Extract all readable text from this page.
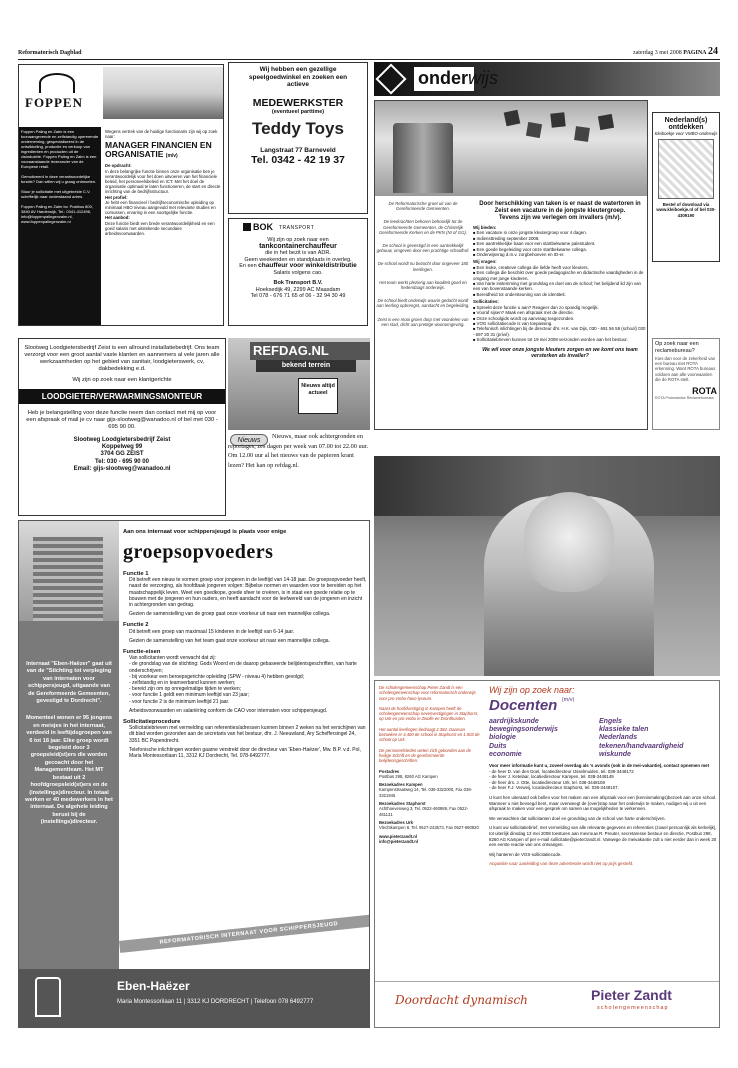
Reformatorisch Dagblad	zaterdag 3 mei 2008 PAGINA 24
FOPPEN

Foppen Paling en Zalm is een toonaangevende en zelfstandig opererende onderneming, gespecialiseerd in de ontwikkeling, productie en verkoop van ingredienten en producten uit de visindustrie. Foppen Paling en Zalm is een vooraanstaande leverancier van de Europese retail.

Gemotiveerd in deze verantwoordelijke functie? Dan willen wij u graag ontmoeten.

Stuur je sollicitatie met uitgebreide C.V. schriftelijk naar onderstaand adres.

Foppen Paling en Zalm bv. Postbus 800, 3840 AV Harderwijk, Tel.: 0341-412496, info@foppenpalingenzalm.nl, www.foppenpalingenzalm.nl

Wegens vertrek van de huidige functionaris zijn wij op zoek naar:

MANAGER FINANCIEN EN ORGANISATIE (m/v)

De opdracht:

In deze belangrijke functie binnen onze organisatie ben je verantwoordelijk voor het doen uitvoeren van het financiele beleid, het personeelsbeleid en ICT. Met het doel de organisatie optimaal te laten functioneren, de start en directe inrichting van de bedrijfsstructuur.

Het profiel:

Je hebt een financieel / bedrijfseconomische opleiding op minimaal HBO niveau aangevuld met relevante studies en cursussen, ervaring in een soortgelijke functie.

Het aanbod:

Deze functie biedt een brede verantwoordelijkheid en een goed salaris met uitstekende secundaire arbeidsvoorwaarden.

Wij hebben een gezellige speelgoedwinkel en zoeken een actieve
MEDEWERKSTER
(eventueel parttime)
Teddy Toys
Langstraat 77 Barneveld
Tel. 0342 - 42 19 37
BOK TRANSPORT
Wij zijn op zoek naar een
tankcontainerchauffeur
die in het bezit is van ADR.
Geen weekenden en standplaats in overleg.
En een chauffeur voor winkeldistributie
Salaris volgens cao.
Bok Transport B.V.
Hoeksedijk 49, 2299 AC Maasdam
Tel 078 - 676 71 65 of 06 - 32 94 30 49
onderwijs

De Reformatorische groet uit van de Gereformeerde Gemeenten.

De leerkrachten behoren behoorlijk tot de Gereformeerde Gemeenten, de Christelijk Gereformeerde Kerken en de PKN (NI of GG).

De school is gevestigd in een aantrekkelijk gebouw, omgeven door een prachtige schoolhof.

De school wordt nu bezocht door ongeveer 180 leerlingen.

Het team werkt plezierig aan kwaliteit goed en hedendaags onderwijs.

De school biedt onderwijs waarin gedacht wordt aan leerling opbrengst, aandacht en begeleiding.

Zeist is een mooi groen dorp met voordelen van een stad, dicht aan prettige woonomgeving.

Door herschikking van taken is er naast de watertoren in Zeist een vacature in de jongste kleutergroep.

Tevens zijn we verlegen om invallers (m/v).

Wij bieden:

■ Een vacature in onze jongste kleutergroep voor 4 dagen.
■ Indiensttreding september 2008.
■ Een aantrekkelijke baan voor een startbekwame palestudent.
■ Een goede begeleiding voor onze startbekwame collega.
■ Onderwijsvrag d.m.v. zorgbehoeven en ID-er.

Wij vragen:

■ Een leuke, creatieve collega die liefde heeft voor kleuters.
■ Een collega die beschikt over goede pedagogische en didactische vaardigheden in de omgang met jonge kinderen.
■ Van harte instemming met grondslag en doel van de school; het belijdend lid zijn van een van bovenstaande kerken.
■ Bereidheid tot ondersteuning van de identiteit.

Sollicitaties:

■ Spreekt deze functie u aan? Reageer dan zo spoedig mogelijk.
■ Vooraf sijsen? Maak een afspraak met de directie.
■ Onze schoolgids wordt op aanvraag toegezonden.
■ VOG sollicitatiecode is van toepassing.
■ Telefonisch inlichtingen bij de directeur dhr. H.K. van Dijs, 030 - 691 56 58 (school) 030 - 697 20 31 (privé).
■ Sollicitatiebrieven kunnen tot 19 mei 2008 verzonden worden aan het bestuur.

We wil voor onze jongste kleuters zorgen en we komt ons team versterken als invaller?

Nederland(s)
ontdekken
Kleiboekje voor VMBO-onderwijs
Bestel of download via www.kleiboekje.nl of bel 030-4309190
Op zoek naar een reclamebureau?
Kies dan voor de zekerheid van een bureau met ROTA erkenning. Want ROTA bureaus voldoen aan alle voorwaarden die de ROTA stelt.
ROTA
ROTA Protestantse Reclamebureaus
Slootweg Loodgietersbedrijf Zeist is een allround installatiebedrijf. Ons team verzorgt voor een groot aantal vaste klanten en aannemers al vele jaren alle werkzaamheden op het gebied van sanitair, loodgieterswerk, cv, dakbedekking e.d.
Wij zijn op zoek naar een klantgerichte
LOODGIETER/VERWARMINGSMONTEUR
Heb je belangstelling voor deze functie neem dan contact met mij op voor een afspraak of mail je cv naar gijs-slootweg@wanadoo.nl of bel met 030 - 695 90 00.
Slootweg Loodgietersbedrijf Zeist
Koppelweg 99
3704 GG ZEIST
Tel: 030 - 695 90 00
Email: gijs-slootweg@wanadoo.nl
REFDAG.NL
bekend terrein
Nieuws altijd actueel
Nieuws
Nieuws, maar ook achtergronden en reportages, zes dagen per week van 07.00 tot 22.00 uur. Om 12.00 uur al het nieuws van de papieren krant lezen? Het kan op refdag.nl.

De scholengemeenschap Pieter Zandt is een scholengemeenschap voor reformatorisch onderwijs voor pro-vmbo-havo-lyceum.

Naast de hoofdvestiging in Kampen heeft de scholengemeenschap nevenvestigingen in Staphorst, op Urk en pro-vmbo in Zwolle en Dronthusden.

Het aantal leerlingen bedraagt 2.384. Daarvan bezoeken er 4.400 de school in Staphorst en 1.503 de school op Urk.

De personeelsleden weten zich gebonden aan de heilige Schrift en de gereformeerde belijdenisgeschriften.

Postadres

Postbus 298, 8260 AG Kampen

Bezoekadres Kampen

Kampenstraatweg 14, Tel. 038-3322000, Fax 038-3321945

Bezoekadres Staphorst

Achthoevenweg 3, Tel. 0522-460989, Fax 0522-461131

Bezoekadres Urk

Vlechtkampen 8, Tel. 0527-243573, Fax 0527-690920

www.pieterzandt.nl

info@pieterzandt.nl

Wij zijn op zoek naar:
Docenten $^{(m/v)}$
aardrijkskunde
bewegingsonderwijs
biologie
Duits
economie
Engels
klassieke talen
Nederlands
tekenen/handvaardigheid
wiskunde

Voor meer informatie kunt u, zoveel overdag als 's avonds (ook in de mei-vakantie), contact opnemen met

- de heer D. van den Doel, locatiedirecteur IJsselmuiden, tel. 038-3448172

- de heer J. Ketelaar, locatiedirecteur Kampen, tel. 038-3448149

- de heer drs. J. Otte, locatiedirecteur Urk, tel. 038-3448108

- de heer F.J. Verweij, locatiedirecteur Staphorst, tel. 038-3448107.

U kunt hen uiteraard ook bellen voor het maken van een afspraak voor een (kennismakings)bezoek aan onze school. Wanneer u niet bevoegd bent, maar overweegt de (over)stap naar het onderwijs te maken, nodigen wij u uit een afspraak te maken voor een gesprek om samen uw mogelijkheden te verkennen.

We verwachten dat sollicitanten doel en grondslag van de school van harte onderschrijven.

U kunt uw sollicitatiebrief, met vermelding van alle relevante gegevens en referenties (zowel persoonlijk als kerkelijk), tot uiterlijk dinsdag 13 mei 2008 toesturen aan mevrouw R. Preuter, secretaresse bestuur en directie, Postbus 298, 8260 AG Kampen of per e-mail sollicitatie@pieterzandt.nl. Vanwege de meivakantie zult u niet eerder dan in week 20 een eerste reactie van ons ontvangen.

Wij hanteren de VOS-sollicitatiecode.

Acquisitie naar aanleiding van deze advertentie wordt niet op prijs gesteld.

Doordacht dynamisch	Pieter Zandt
scholengemeenschap

Internaat "Eben-Haëzer" gaat uit van de "Stichting tot verpleging van internaten voor schippersjeugd, uitgaande van de Gereformeerde Gemeenten, gevestigd te Dordrecht".

Momenteel wonen er 95 jongens en meisjes in het internaat, verdeeld in leeftijdsgroepen van 6 tot 18 jaar. Elke groep wordt begeleid door 3 groepsleid(st)ers die worden gecoacht door het Managementteam. Het MT bestaat uit 2 hoofdgroepsleid(st)ers en de (instellings)directeur. In totaal werken er 40 medewerkers in het internaat. De algehele leiding berust bij de (instellings)directeur.

Aan ons internaat voor schippersjeugd is plaats voor enige
groepsopvoeders

Functie 1

Dit betreft een nieuw te vormen groep voor jongeren in de leeftijd van 14-18 jaar. De groepsopvoeder heeft, naast de verzorging, als hoofdtaak jongeren volgen: Bijbelse normen en waarden voor te bereiden op het maatschappelijk leven. Weet een goedkope, goede sfeer te creëren, is in staat een goede relatie op te bouwen met de jongeren en hun ouders, en heeft aandacht voor de leefwereld van de jongeren en inzicht in achtergronden van gedrag.

Gezien de samenstelling van de groep gaat onze voorkeur uit naar een mannelijke collega.

Functie 2

Dit betreft een groep van maximaal 15 kinderen in de leeftijd van 6-14 jaar.

Gezien de samenstelling van het team gaat onze voorkeur uit naar een mannelijke collega.

Functie-eisen

Van sollicitanten wordt verwacht dat zij:

- de grondslag van de stichting: Gods Woord en de daarop gebaseerde belijdenisgeschriften, van harte onderschrijven;

- bij voorkeur een beroepsgerichte opleiding (SPW - niveau 4) hebben gevolgd;

- zelfstandig en in teamverband kunnen werken;

- bereid zijn om op onregelmatige tijden te werken;

- voor functie 1 geldt een minimum leeftijd van 23 jaar;

- voor functie 2 is de minimum leeftijd 21 jaar.

Arbeidsvoorwaarden en salariëring conform de CAO voor internaten voor schippersjeugd.

Sollicitatieprocedure

Sollicitatiebrieven met vermelding van referenties/adressen kunnen binnen 2 weken na het verschijnen van dit blad worden gezonden aan de secretaris van het bestuur, dhr. J. Neeuwland, Ary Scheffersingel 24, 3351 BC Papendrecht.

Telefonische inlichtingen worden gaarne verstrekt door de directeur van 'Eben-Haëzer', Mw. B.P. v.d. Pol, Maria Montessorilaan 11, 3312 KJ Dordrecht, Tel. 078-6492777.

REFORMATORISCH INTERNAAT VOOR SCHIPPERSJEUGD
Eben-Haëzer
Maria Montessorilaan 11 | 3312 KJ DORDRECHT | Telefoon 078 6492777
